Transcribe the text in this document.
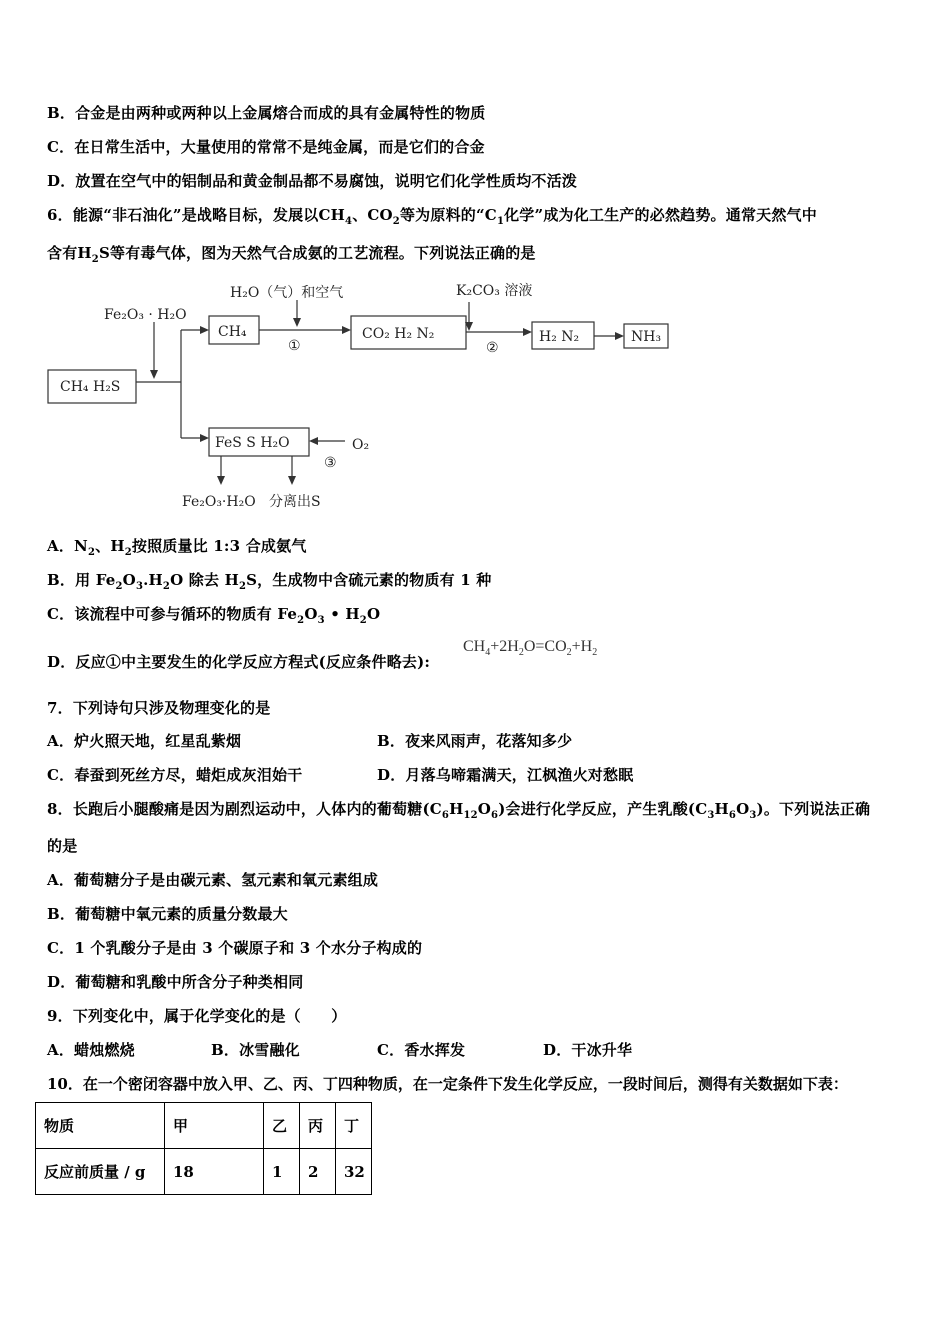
B．合金是由两种或两种以上金属熔合而成的具有金属特性的物质
C．在日常生活中，大量使用的常常不是纯金属，而是它们的合金
D．放置在空气中的铝制品和黄金制品都不易腐蚀，说明它们化学性质均不活泼
6．能源“非石油化”是战略目标，发展以$CH_4$、$CO_2$等为原料的“$C_1$化学”成为化工生产的必然趋势。通常天然气中
含有$H_2S$等有毒气体，图为天然气合成氨的工艺流程。下列说法正确的是
Fe₂O₃ · H₂O
CH₄ H₂S
CH₄
H₂O（气）和空气
①
CO₂ H₂ N₂
K₂CO₃ 溶液
②
H₂ N₂	NH₃
FeS S H₂O	O₂
③
Fe₂O₃·H₂O 分离出S
A．$N_2$、$H_2$按照质量比 1:3 合成氨气
B．用 $Fe_2O_3.H_2O$ 除去 $H_2S$，生成物中含硫元素的物质有 1 种
C．该流程中可参与循环的物质有 $Fe_2O_3$ • $H_2O$
D．反应①中主要发生的化学反应方程式(反应条件略去):
$CH_4+2H_2O=CO_2+H_2$
7．下列诗句只涉及物理变化的是
A．炉火照天地，红星乱紫烟	B．夜来风雨声，花落知多少
C．春蚕到死丝方尽，蜡炬成灰泪始干	D．月落乌啼霜满天，江枫渔火对愁眠
8．长跑后小腿酸痛是因为剧烈运动中，人体内的葡萄糖$(C_6H_{12}O_6)$会进行化学反应，产生乳酸$(C_3H_6O_3)$。下列说法正确
的是
A．葡萄糖分子是由碳元素、氢元素和氧元素组成
B．葡萄糖中氧元素的质量分数最大
C．1 个乳酸分子是由 3 个碳原子和 3 个水分子构成的
D．葡萄糖和乳酸中所含分子种类相同
9．下列变化中，属于化学变化的是（　　）
A．蜡烛燃烧	B．冰雪融化	C．香水挥发	D．干冰升华
10．在一个密闭容器中放入甲、乙、丙、丁四种物质，在一定条件下发生化学反应，一段时间后，测得有关数据如下表：
物质	甲	乙	丙	丁
反应前质量 / g	18	1	2	32
